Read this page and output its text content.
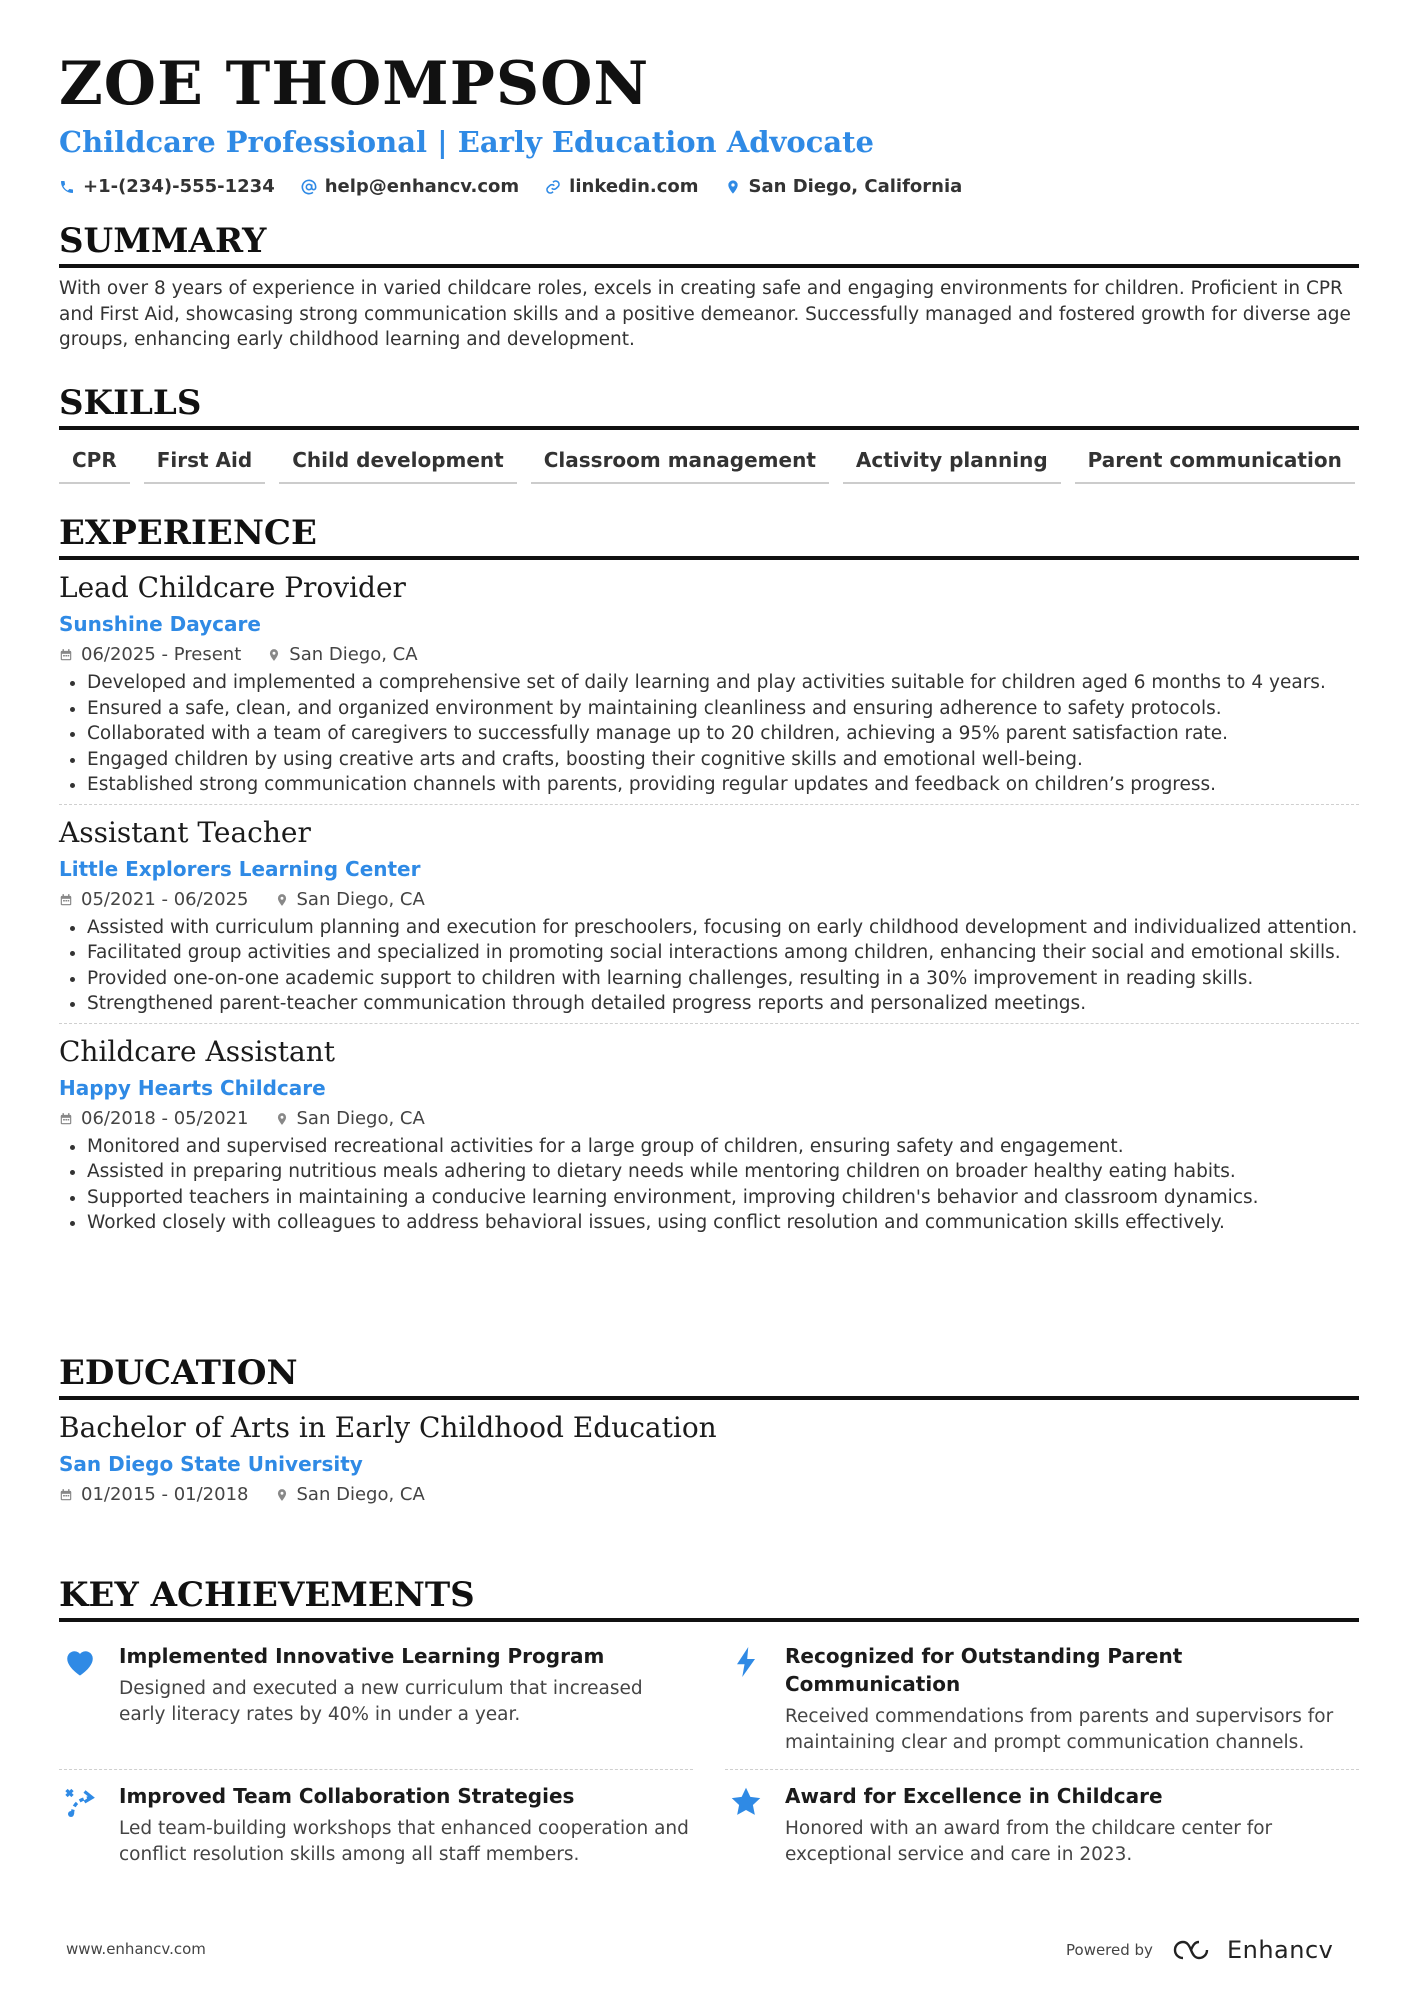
ZOE THOMPSON
Childcare Professional | Early Education Advocate
+1-(234)-555-1234	help@enhancv.com	linkedin.com	San Diego, California
SUMMARY
With over 8 years of experience in varied childcare roles, excels in creating safe and engaging environments for children. Proficient in CPR and First Aid, showcasing strong communication skills and a positive demeanor. Successfully managed and fostered growth for diverse age groups, enhancing early childhood learning and development.
SKILLS
CPR	First Aid	Child development	Classroom management	Activity planning	Parent communication
EXPERIENCE
Lead Childcare Provider
Sunshine Daycare
06/2025 - Present	San Diego, CA
• Developed and implemented a comprehensive set of daily learning and play activities suitable for children aged 6 months to 4 years.
• Ensured a safe, clean, and organized environment by maintaining cleanliness and ensuring adherence to safety protocols.
• Collaborated with a team of caregivers to successfully manage up to 20 children, achieving a 95% parent satisfaction rate.
• Engaged children by using creative arts and crafts, boosting their cognitive skills and emotional well-being.
• Established strong communication channels with parents, providing regular updates and feedback on children’s progress.
Assistant Teacher
Little Explorers Learning Center
05/2021 - 06/2025	San Diego, CA
• Assisted with curriculum planning and execution for preschoolers, focusing on early childhood development and individualized attention.
• Facilitated group activities and specialized in promoting social interactions among children, enhancing their social and emotional skills.
• Provided one-on-one academic support to children with learning challenges, resulting in a 30% improvement in reading skills.
• Strengthened parent-teacher communication through detailed progress reports and personalized meetings.
Childcare Assistant
Happy Hearts Childcare
06/2018 - 05/2021	San Diego, CA
• Monitored and supervised recreational activities for a large group of children, ensuring safety and engagement.
• Assisted in preparing nutritious meals adhering to dietary needs while mentoring children on broader healthy eating habits.
• Supported teachers in maintaining a conducive learning environment, improving children's behavior and classroom dynamics.
• Worked closely with colleagues to address behavioral issues, using conflict resolution and communication skills effectively.
EDUCATION
Bachelor of Arts in Early Childhood Education
San Diego State University
01/2015 - 01/2018	San Diego, CA
KEY ACHIEVEMENTS
Implemented Innovative Learning Program
Designed and executed a new curriculum that increased early literacy rates by 40% in under a year.
Recognized for Outstanding Parent Communication
Received commendations from parents and supervisors for maintaining clear and prompt communication channels.
Improved Team Collaboration Strategies
Led team-building workshops that enhanced cooperation and conflict resolution skills among all staff members.
Award for Excellence in Childcare
Honored with an award from the childcare center for exceptional service and care in 2023.
www.enhancv.com	Powered by	Enhancv
